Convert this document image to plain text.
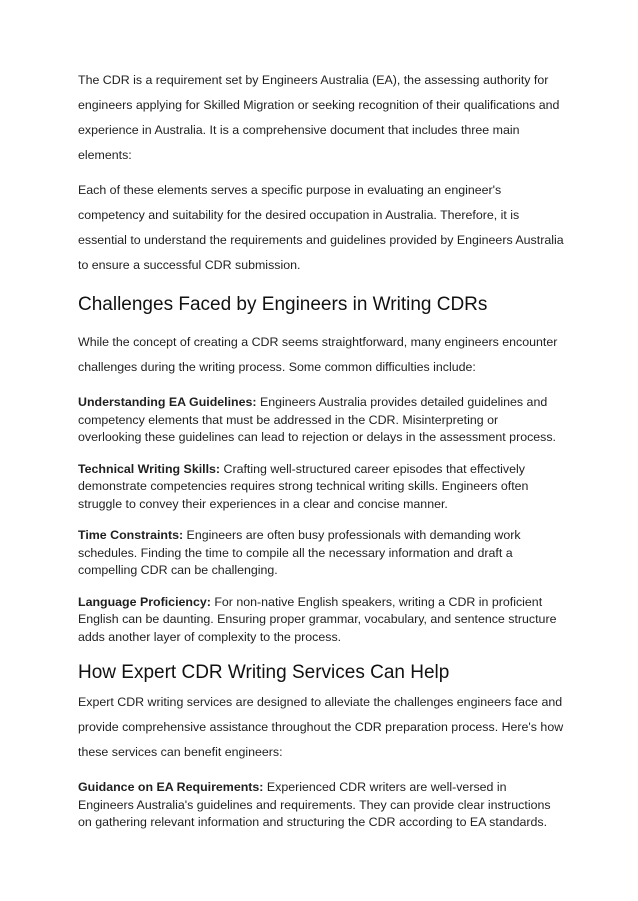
The CDR is a requirement set by Engineers Australia (EA), the assessing authority for engineers applying for Skilled Migration or seeking recognition of their qualifications and experience in Australia. It is a comprehensive document that includes three main elements:

Each of these elements serves a specific purpose in evaluating an engineer's competency and suitability for the desired occupation in Australia. Therefore, it is essential to understand the requirements and guidelines provided by Engineers Australia to ensure a successful CDR submission.

Challenges Faced by Engineers in Writing CDRs

While the concept of creating a CDR seems straightforward, many engineers encounter challenges during the writing process. Some common difficulties include:

Understanding EA Guidelines: Engineers Australia provides detailed guidelines and competency elements that must be addressed in the CDR. Misinterpreting or overlooking these guidelines can lead to rejection or delays in the assessment process.

Technical Writing Skills: Crafting well-structured career episodes that effectively demonstrate competencies requires strong technical writing skills. Engineers often struggle to convey their experiences in a clear and concise manner.

Time Constraints: Engineers are often busy professionals with demanding work schedules. Finding the time to compile all the necessary information and draft a compelling CDR can be challenging.

Language Proficiency: For non-native English speakers, writing a CDR in proficient English can be daunting. Ensuring proper grammar, vocabulary, and sentence structure adds another layer of complexity to the process.

How Expert CDR Writing Services Can Help

Expert CDR writing services are designed to alleviate the challenges engineers face and provide comprehensive assistance throughout the CDR preparation process. Here's how these services can benefit engineers:

Guidance on EA Requirements: Experienced CDR writers are well-versed in Engineers Australia's guidelines and requirements. They can provide clear instructions on gathering relevant information and structuring the CDR according to EA standards.
